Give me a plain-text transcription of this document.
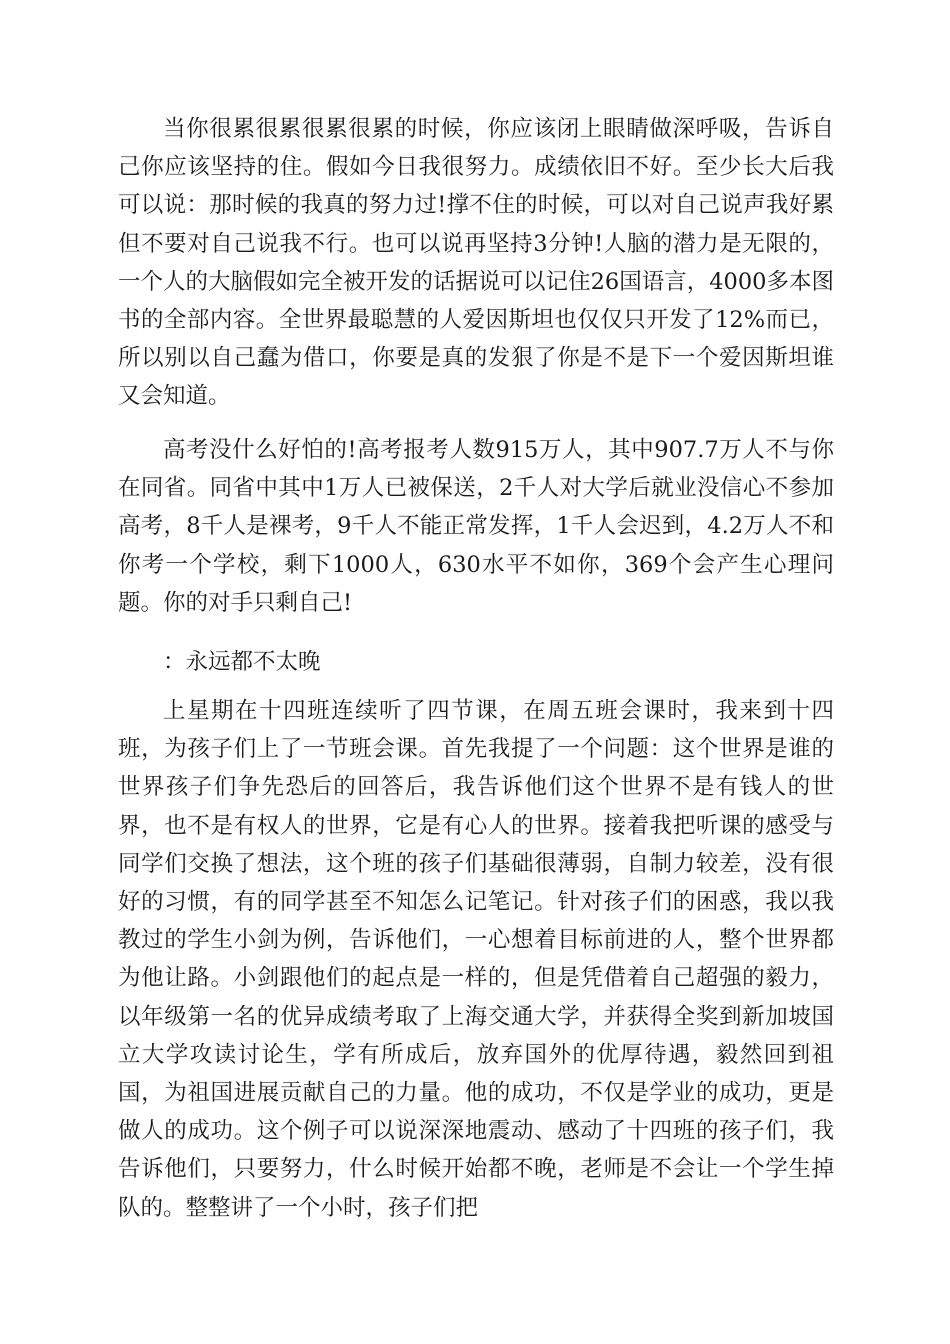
当你很累很累很累很累的时候，你应该闭上眼睛做深呼吸，告诉自己你应该坚持的住。假如今日我很努力。成绩依旧不好。至少长大后我可以说：那时候的我真的努力过!撑不住的时候，可以对自己说声我好累但不要对自己说我不行。也可以说再坚持3分钟!人脑的潜力是无限的，一个人的大脑假如完全被开发的话据说可以记住26国语言，4000多本图书的全部内容。全世界最聪慧的人爱因斯坦也仅仅只开发了12%而已，所以别以自己蠢为借口，你要是真的发狠了你是不是下一个爱因斯坦谁又会知道。

高考没什么好怕的!高考报考人数915万人，其中907.7万人不与你在同省。同省中其中1万人已被保送，2千人对大学后就业没信心不参加高考，8千人是裸考，9千人不能正常发挥，1千人会迟到，4.2万人不和你考一个学校，剩下1000人，630水平不如你，369个会产生心理问题。你的对手只剩自己!

：永远都不太晚

上星期在十四班连续听了四节课，在周五班会课时，我来到十四班，为孩子们上了一节班会课。首先我提了一个问题：这个世界是谁的世界孩子们争先恐后的回答后，我告诉他们这个世界不是有钱人的世界，也不是有权人的世界，它是有心人的世界。接着我把听课的感受与同学们交换了想法，这个班的孩子们基础很薄弱，自制力较差，没有很好的习惯，有的同学甚至不知怎么记笔记。针对孩子们的困惑，我以我教过的学生小剑为例，告诉他们，一心想着目标前进的人，整个世界都为他让路。小剑跟他们的起点是一样的，但是凭借着自己超强的毅力，以年级第一名的优异成绩考取了上海交通大学，并获得全奖到新加坡国立大学攻读讨论生，学有所成后，放弃国外的优厚待遇，毅然回到祖国，为祖国进展贡献自己的力量。他的成功，不仅是学业的成功，更是做人的成功。这个例子可以说深深地震动、感动了十四班的孩子们，我告诉他们，只要努力，什么时候开始都不晚，老师是不会让一个学生掉队的。整整讲了一个小时，孩子们把
